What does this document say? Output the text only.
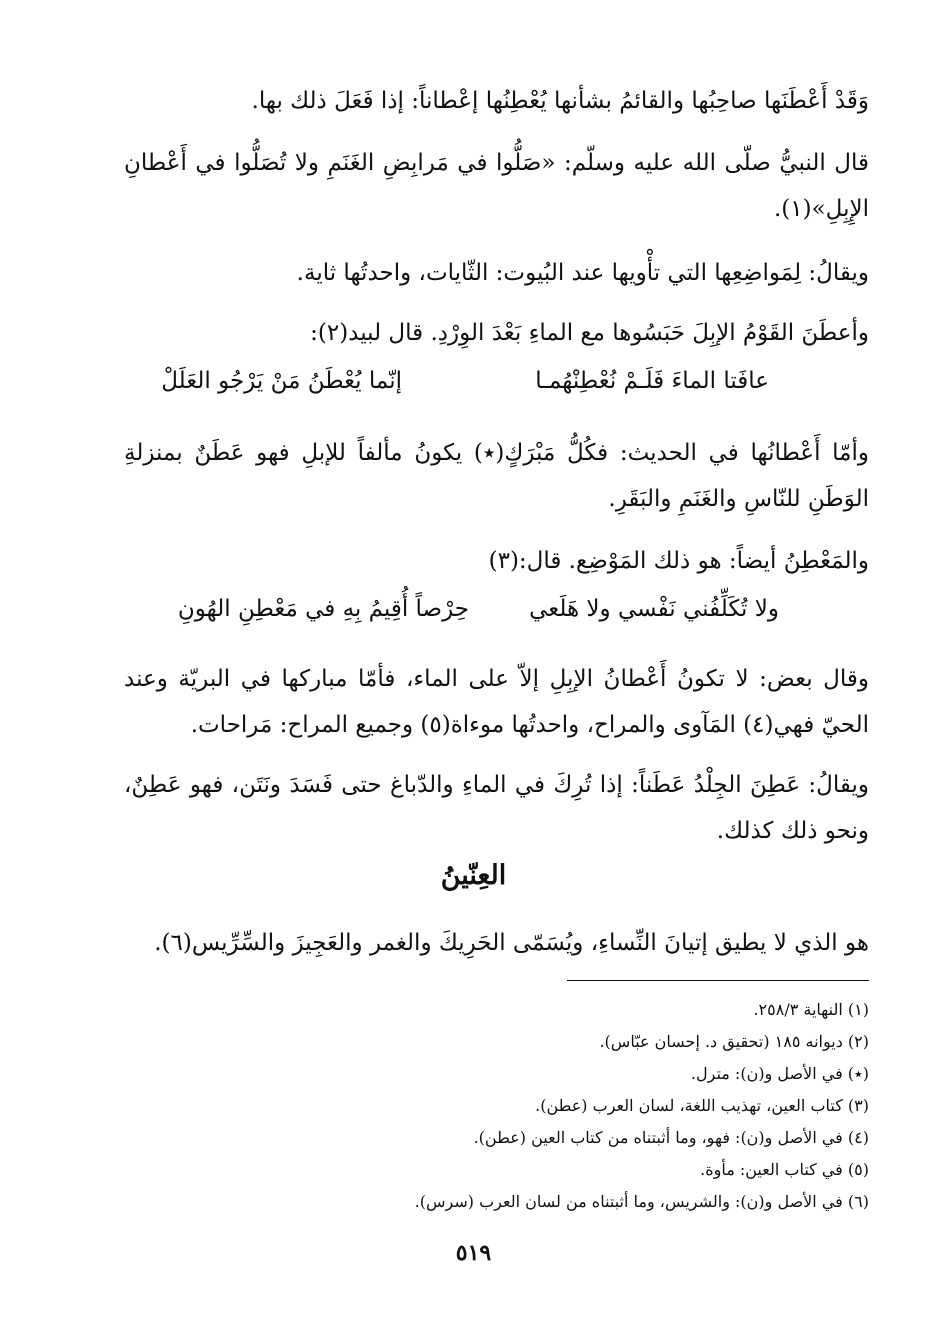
وَقَدْ أَعْطَنَها صاحِبُها والقائمُ بشأنها يُعْطِنُها إعْطاناً: إذا فَعَلَ ذلك بها.

قال النبيُّ صلّى الله عليه وسلّم: «صَلُّوا في مَرابِضِ الغَنَمِ ولا تُصَلُّوا في أَعْطانِ الإِبِلِ»(١).

ويقالُ: لِمَواضِعِها التي تأْويها عند البُيوت: الثّايات، واحدتُها ثاية.

وأعطَنَ القَوْمُ الإبِلَ حَبَسُوها مع الماءِ بَعْدَ الوِرْدِ. قال لبيد(٢):

عافَتا الماءَ فَلَـمْ نُعْطِنْهُمـا
إنّما يُعْطَنُ مَنْ يَرْجُو العَلَلْ

وأمّا أَعْطانُها في الحديث: فكُلُّ مَبْرَكٍ(٭) يكونُ مألفاً للإبلِ فهو عَطَنٌ بمنزلةِ الوَطَنِ للنّاسِ والغَنَمِ والبَقَرِ.

والمَعْطِنُ أيضاً: هو ذلك المَوْضِع. قال:(٣)

ولا تُكَلِّفُني نَفْسي ولا هَلَعي
حِرْصاً أُقِيمُ بِهِ في مَعْطِنِ الهُونِ

وقال بعض: لا تكونُ أَعْطانُ الإبِلِ إلاّ على الماء، فأمّا مباركها في البريّة وعند الحيّ فهي(٤) المَآوى والمراح، واحدتُها موءاة(٥) وجميع المراح: مَراحات.

ويقالُ: عَطِنَ الجِلْدُ عَطَناً: إذا تُرِكَ في الماءِ والدّباغ حتى فَسَدَ ونَتَن، فهو عَطِنٌ، ونحو ذلك كذلك.

العِنّينُ

هو الذي لا يطيق إتيانَ النِّساءِ، ويُسَمّى الحَرِيكَ والغمر والعَجِيزَ والسِّرِّيس(٦).

(١) النهاية ٢٥٨/٣.

(٢) ديوانه ١٨٥ (تحقيق د. إحسان عبّاس).

(٭) في الأصل و(ن): مترل.

(٣) كتاب العين، تهذيب اللغة، لسان العرب (عطن).

(٤) في الأصل و(ن): فهو، وما أثبتناه من كتاب العين (عطن).

(٥) في كتاب العين: مأوة.

(٦) في الأصل و(ن): والشريس، وما أثبتناه من لسان العرب (سرس).

٥١٩
